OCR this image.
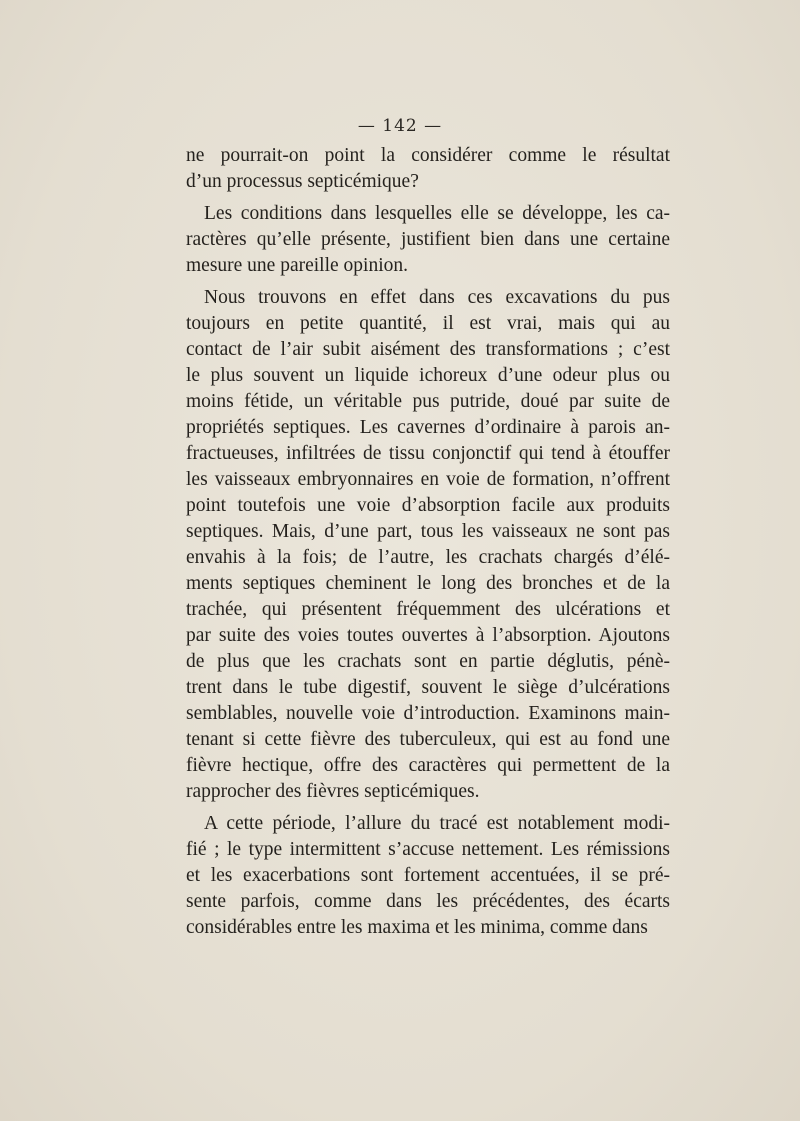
— 142 —
ne pourrait-on point la considérer comme le résultat
d’un processus septicémique?
Les conditions dans lesquelles elle se développe, les ca-
ractères qu’elle présente, justifient bien dans une certaine
mesure une pareille opinion.
Nous trouvons en effet dans ces excavations du pus
toujours en petite quantité, il est vrai, mais qui au
contact de l’air subit aisément des transformations ; c’est
le plus souvent un liquide ichoreux d’une odeur plus ou
moins fétide, un véritable pus putride, doué par suite de
propriétés septiques. Les cavernes d’ordinaire à parois an-
fractueuses, infiltrées de tissu conjonctif qui tend à étouffer
les vaisseaux embryonnaires en voie de formation, n’offrent
point toutefois une voie d’absorption facile aux produits
septiques. Mais, d’une part, tous les vaisseaux ne sont pas
envahis à la fois; de l’autre, les crachats chargés d’élé-
ments septiques cheminent le long des bronches et de la
trachée, qui présentent fréquemment des ulcérations et
par suite des voies toutes ouvertes à l’absorption. Ajoutons
de plus que les crachats sont en partie déglutis, pénè-
trent dans le tube digestif, souvent le siège d’ulcérations
semblables, nouvelle voie d’introduction. Examinons main-
tenant si cette fièvre des tuberculeux, qui est au fond une
fièvre hectique, offre des caractères qui permettent de la
rapprocher des fièvres septicémiques.
A cette période, l’allure du tracé est notablement modi-
fié ; le type intermittent s’accuse nettement. Les rémissions
et les exacerbations sont fortement accentuées, il se pré-
sente parfois, comme dans les précédentes, des écarts
considérables entre les maxima et les minima, comme dans
